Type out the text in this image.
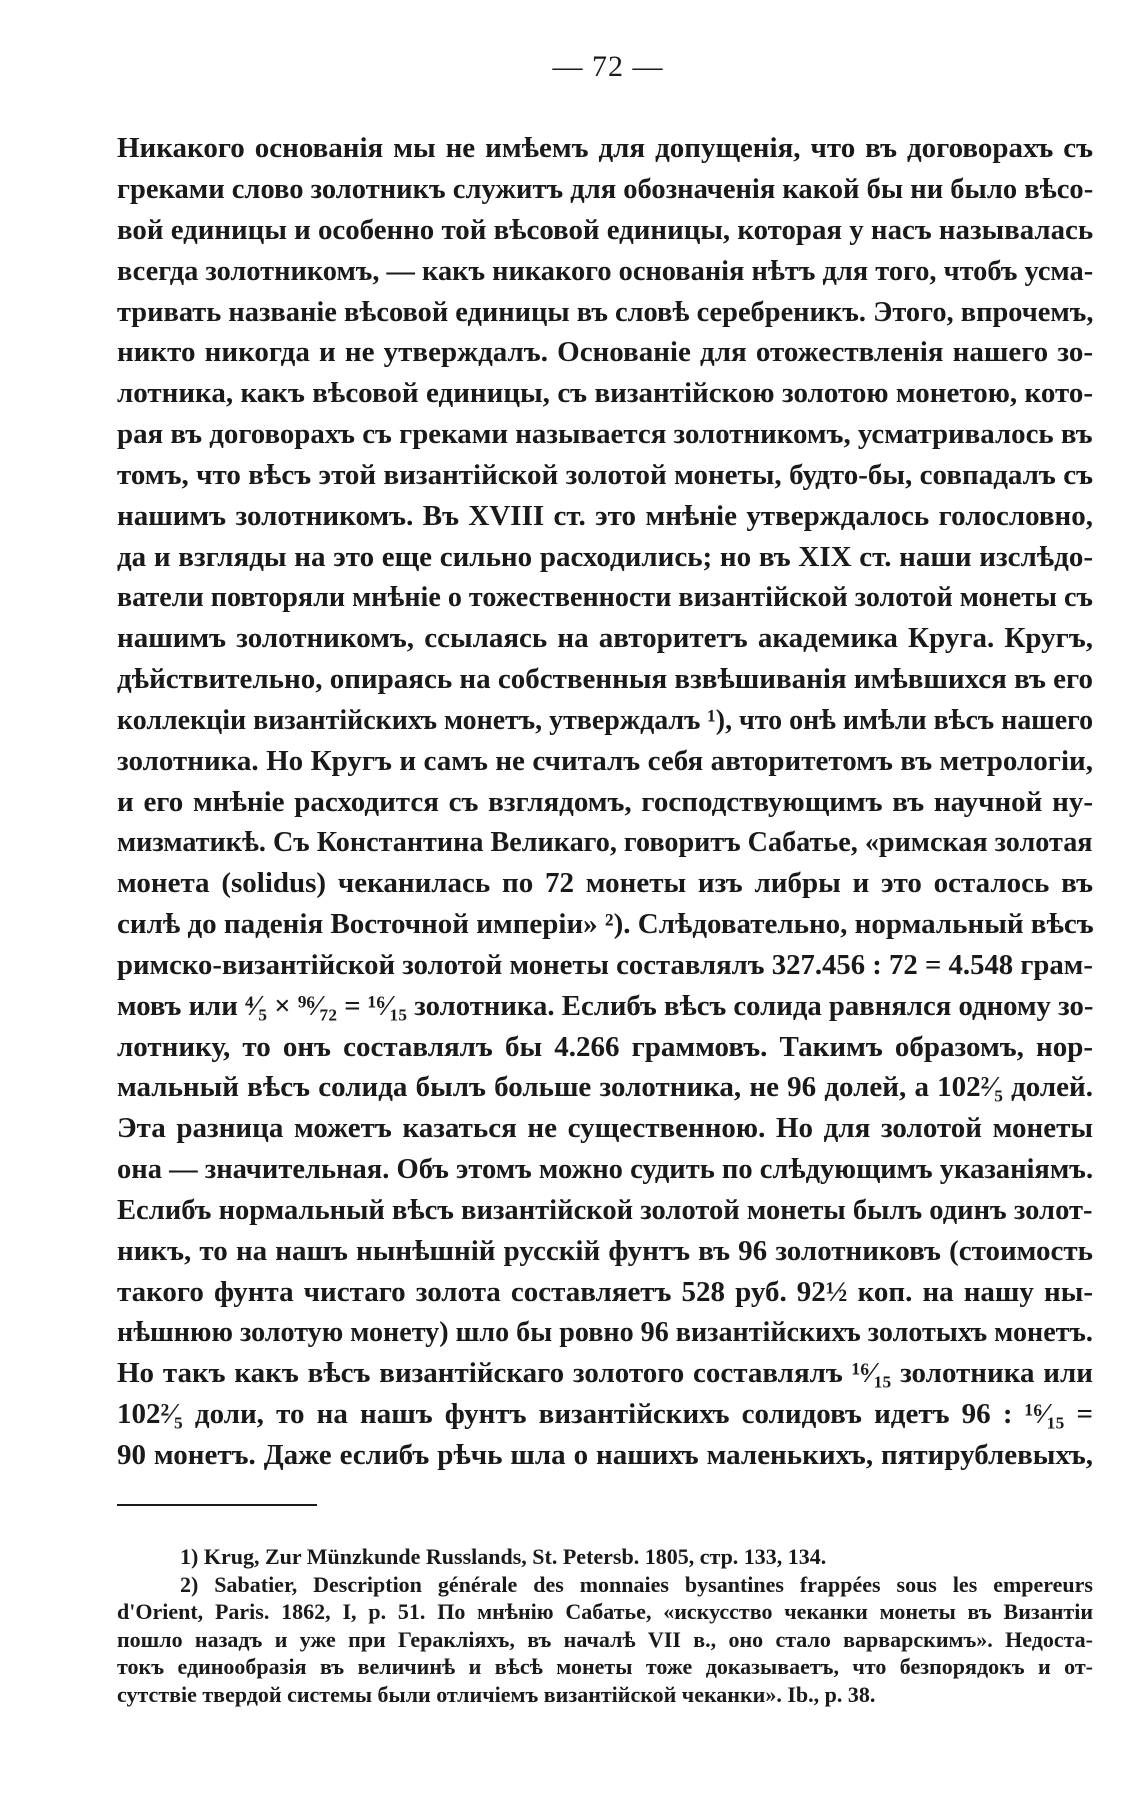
— 72 —
Никакого основанія мы не имѣемъ для допущенія, что въ договорахъ съ
греками слово золотникъ служитъ для обозначенія какой бы ни было вѣсо-
вой единицы и особенно той вѣсовой единицы, которая у насъ называлась
всегда золотникомъ, — какъ никакого основанія нѣтъ для того, чтобъ усма-
тривать названіе вѣсовой единицы въ словѣ серебреникъ. Этого, впрочемъ,
никто никогда и не утверждалъ. Основаніе для отожествленія нашего зо-
лотника, какъ вѣсовой единицы, съ византійскою золотою монетою, кото-
рая въ договорахъ съ греками называется золотникомъ, усматривалось въ
томъ, что вѣсъ этой византійской золотой монеты, будто-бы, совпадалъ съ
нашимъ золотникомъ. Въ XVIII ст. это мнѣніе утверждалось голословно,
да и взгляды на это еще сильно расходились; но въ XIX ст. наши изслѣдо-
ватели повторяли мнѣніе о тожественности византійской золотой монеты съ
нашимъ золотникомъ, ссылаясь на авторитетъ академика Круга. Кругъ,
дѣйствительно, опираясь на собственныя взвѣшиванія имѣвшихся въ его
коллекціи византійскихъ монетъ, утверждалъ ¹), что онѣ имѣли вѣсъ нашего
золотника. Но Кругъ и самъ не считалъ себя авторитетомъ въ метрологіи,
и его мнѣніе расходится съ взглядомъ, господствующимъ въ научной ну-
мизматикѣ. Съ Константина Великаго, говоритъ Сабатье, «римская золотая
монета (solidus) чеканилась по 72 монеты изъ либры и это осталось въ
силѣ до паденія Восточной имперіи» ²). Слѣдовательно, нормальный вѣсъ
римско-византійской золотой монеты составлялъ 327.456 : 72 = 4.548 грам-
мовъ или ⁴⁄₅ × ⁹⁶⁄₇₂ = ¹⁶⁄₁₅ золотника. Еслибъ вѣсъ солида равнялся одному зо-
лотнику, то онъ составлялъ бы 4.266 граммовъ. Такимъ образомъ, нор-
мальный вѣсъ солида былъ больше золотника, не 96 долей, а 102²⁄₅ долей.
Эта разница можетъ казаться не существенною. Но для золотой монеты
она — значительная. Объ этомъ можно судить по слѣдующимъ указаніямъ.
Еслибъ нормальный вѣсъ византійской золотой монеты былъ одинъ золот-
никъ, то на нашъ нынѣшній русскій фунтъ въ 96 золотниковъ (стоимость
такого фунта чистаго золота составляетъ 528 руб. 92½ коп. на нашу ны-
нѣшнюю золотую монету) шло бы ровно 96 византійскихъ золотыхъ монетъ.
Но такъ какъ вѣсъ византійскаго золотого составлялъ ¹⁶⁄₁₅ золотника или
102²⁄₅ доли, то на нашъ фунтъ византійскихъ солидовъ идетъ 96 : ¹⁶⁄₁₅ =
90 монетъ. Даже еслибъ рѣчь шла о нашихъ маленькихъ, пятирублевыхъ,
1) Krug, Zur Münzkunde Russlands, St. Petersb. 1805, стр. 133, 134.
2) Sabatier, Description générale des monnaies bysantines frappées sous les empereurs
d'Orient, Paris. 1862, I, p. 51. По мнѣнію Сабатье, «искусство чеканки монеты въ Византіи
пошло назадъ и уже при Гераклiяхъ, въ началѣ VII в., оно стало варварскимъ». Недоста-
токъ единообразія въ величинѣ и вѣсѣ монеты тоже доказываетъ, что безпорядокъ и от-
сутствіе твердой системы были отличіемъ византійской чеканки». Ib., p. 38.
